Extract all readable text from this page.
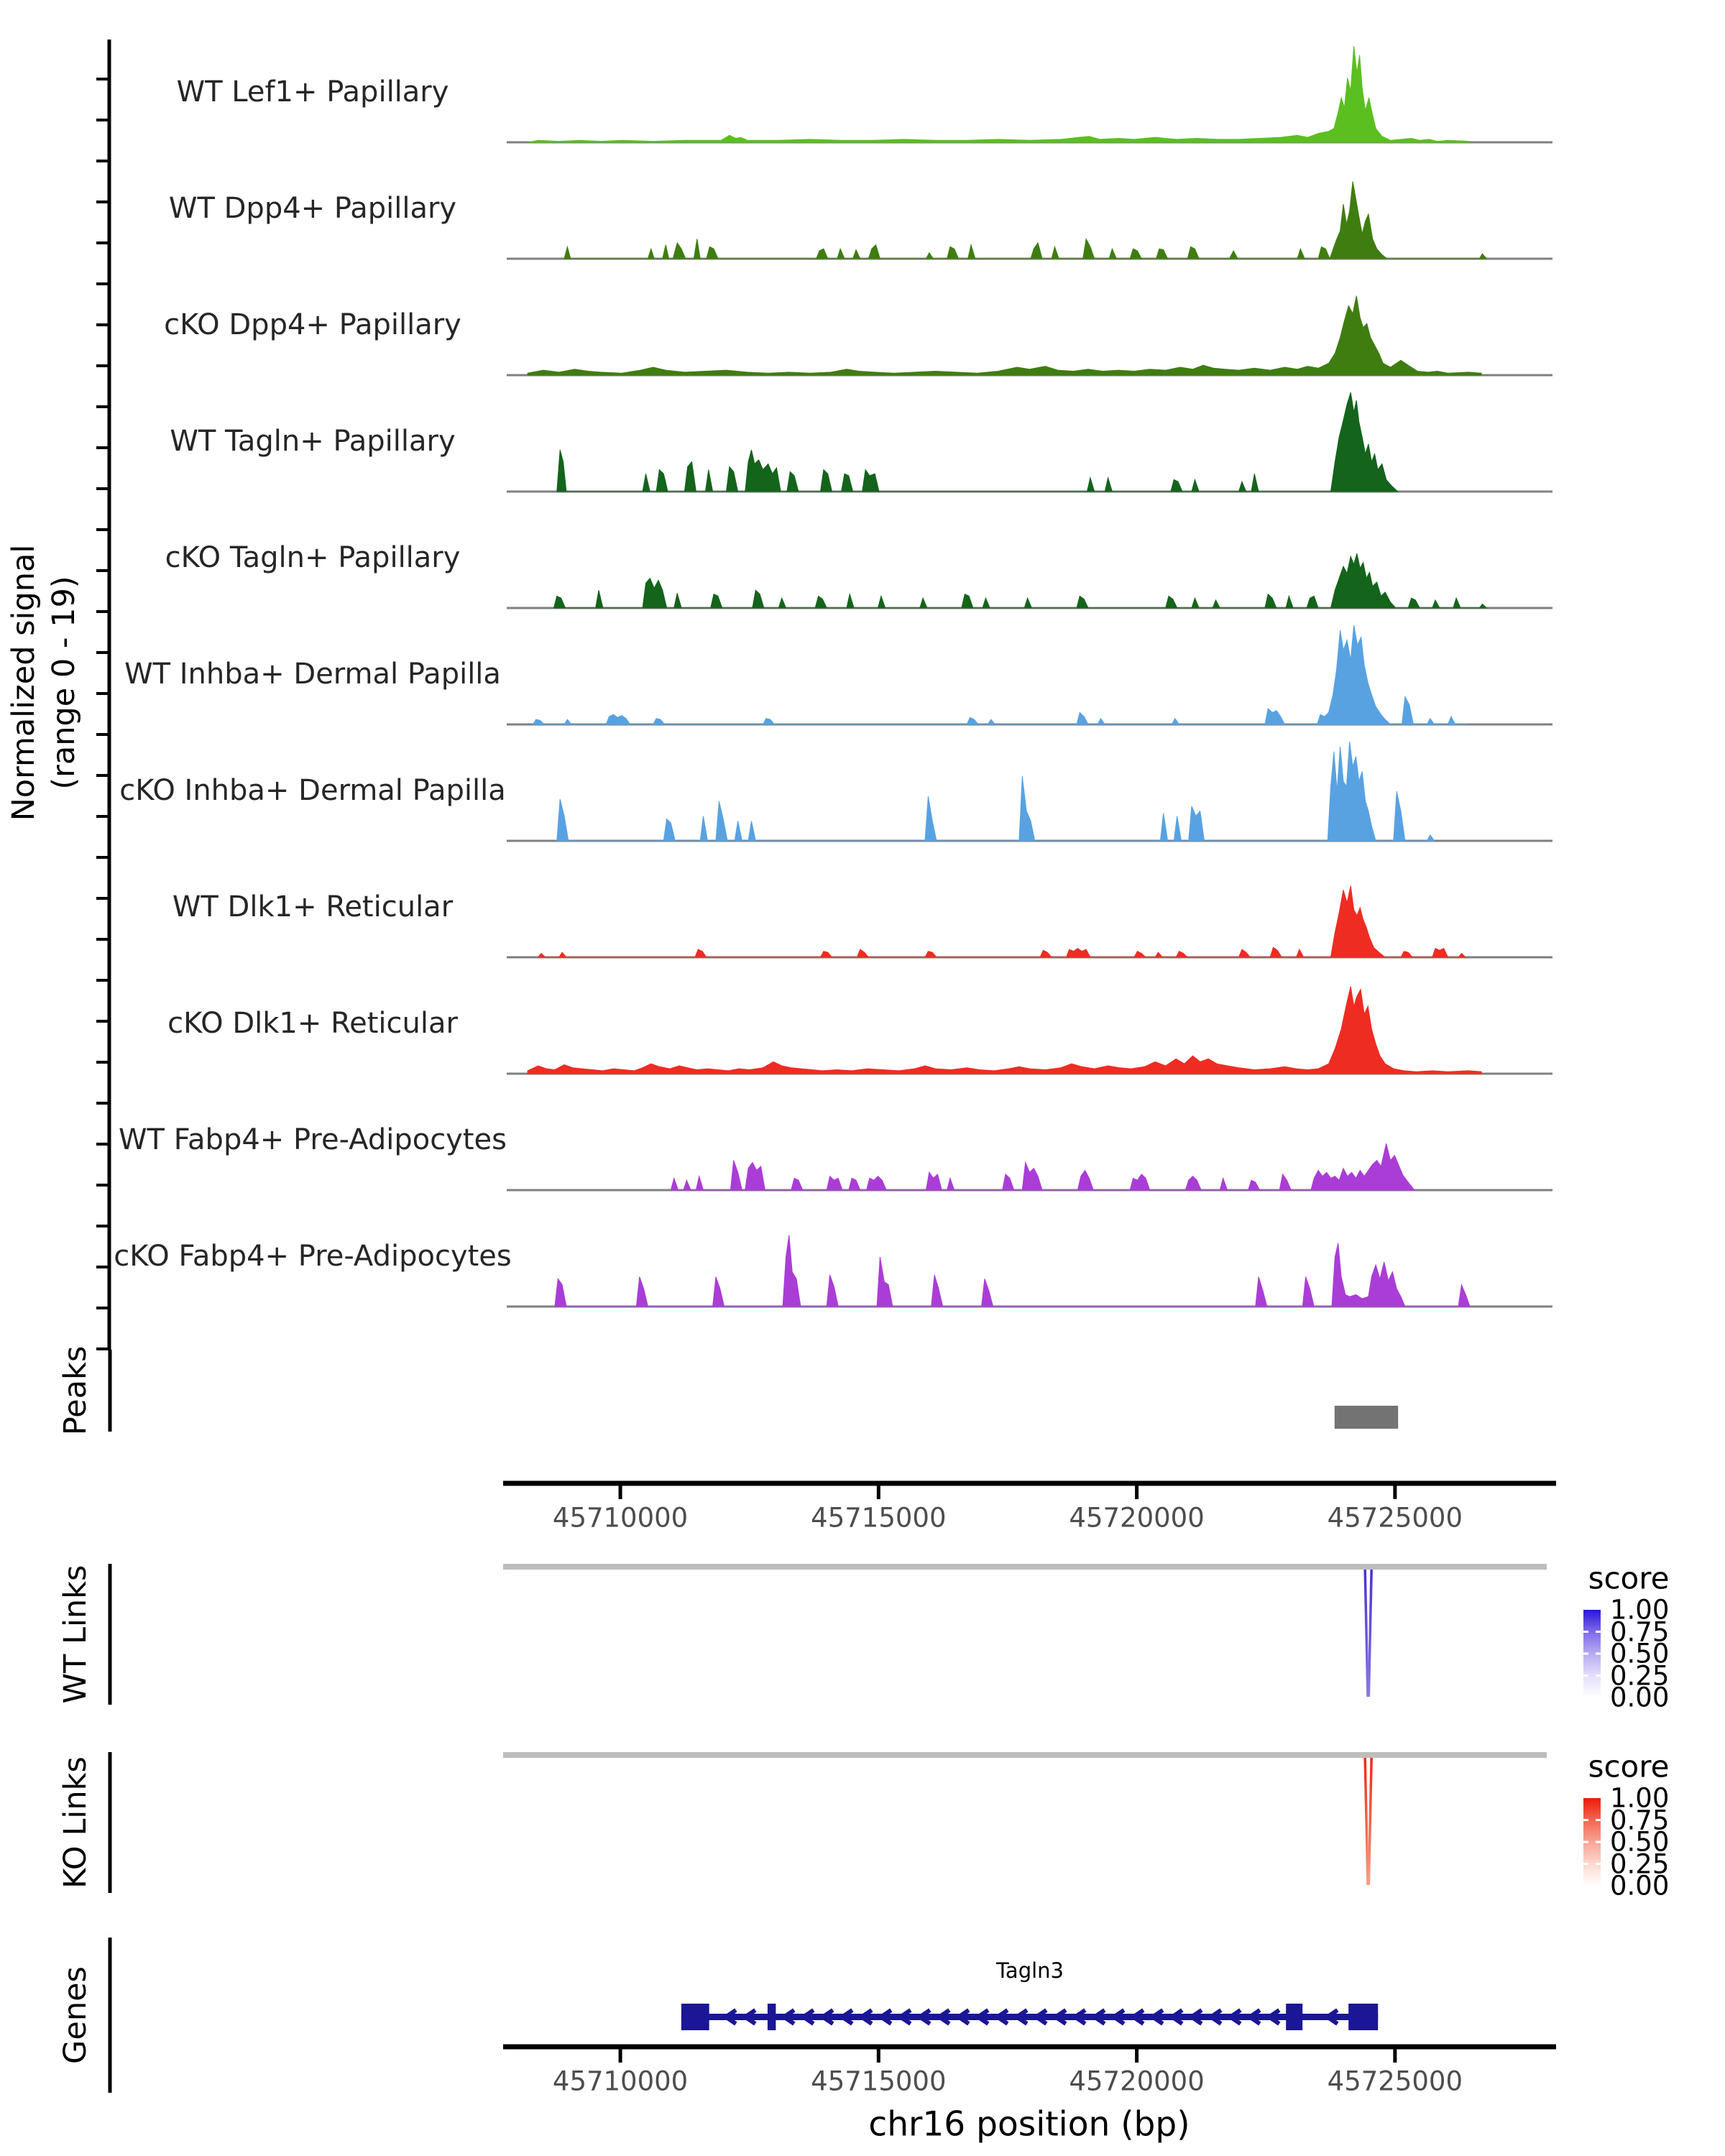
Normalized signal (range 0 - 19)
Peaks
WT Links
KO Links
Genes
score
score
Tagln3
chr16 position (bp)
WT Lef1+ Papillary
WT Dpp4+ Papillary
cKO Dpp4+ Papillary
WT Tagln+ Papillary
cKO Tagln+ Papillary
WT Inhba+ Dermal Papilla
cKO Inhba+ Dermal Papilla
WT Dlk1+ Reticular
cKO Dlk1+ Reticular
WT Fabp4+ Pre-Adipocytes
cKO Fabp4+ Pre-Adipocytes
45710000	45715000	45720000	45725000
45710000	45715000	45720000	45725000
1.00
0.75
0.50
0.25
0.00
1.00
0.75
0.50
0.25
0.00
